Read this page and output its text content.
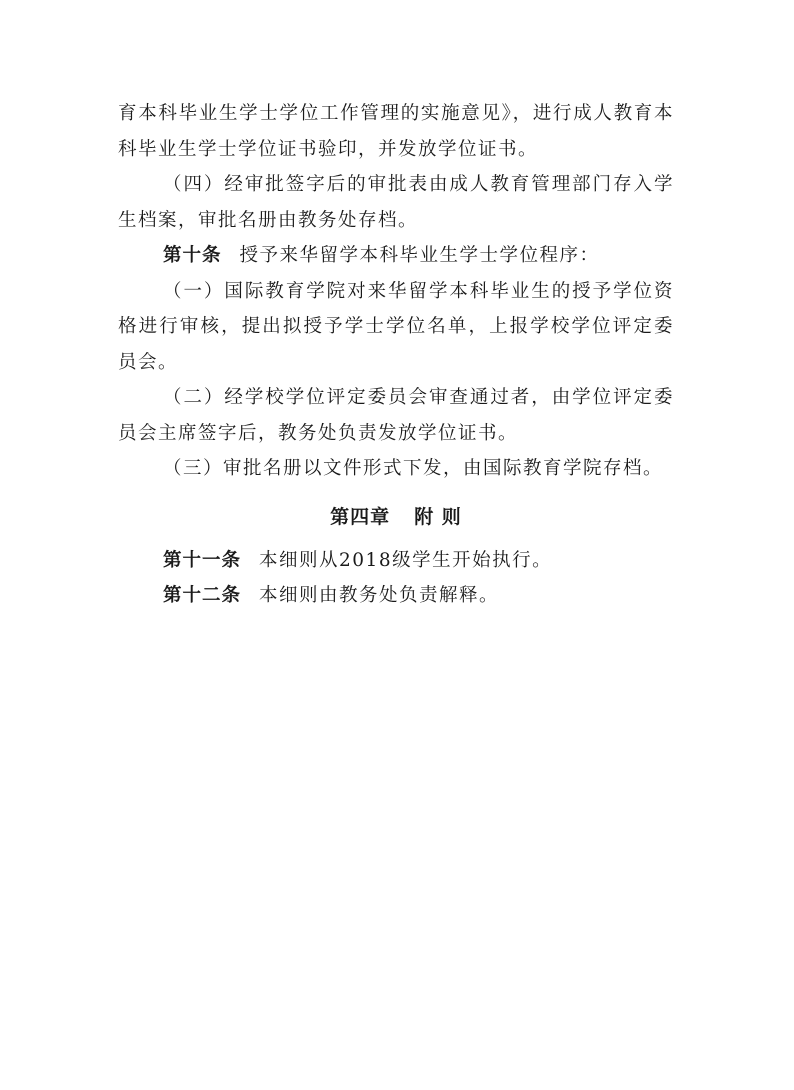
育本科毕业生学士学位工作管理的实施意见》，进行成人教育本科毕业生学士学位证书验印，并发放学位证书。

（四）经审批签字后的审批表由成人教育管理部门存入学生档案，审批名册由教务处存档。

第十条 授予来华留学本科毕业生学士学位程序：

（一）国际教育学院对来华留学本科毕业生的授予学位资格进行审核，提出拟授予学士学位名单，上报学校学位评定委员会。

（二）经学校学位评定委员会审查通过者，由学位评定委员会主席签字后，教务处负责发放学位证书。

（三）审批名册以文件形式下发，由国际教育学院存档。

第四章 附 则

第十一条 本细则从2018级学生开始执行。

第十二条 本细则由教务处负责解释。
